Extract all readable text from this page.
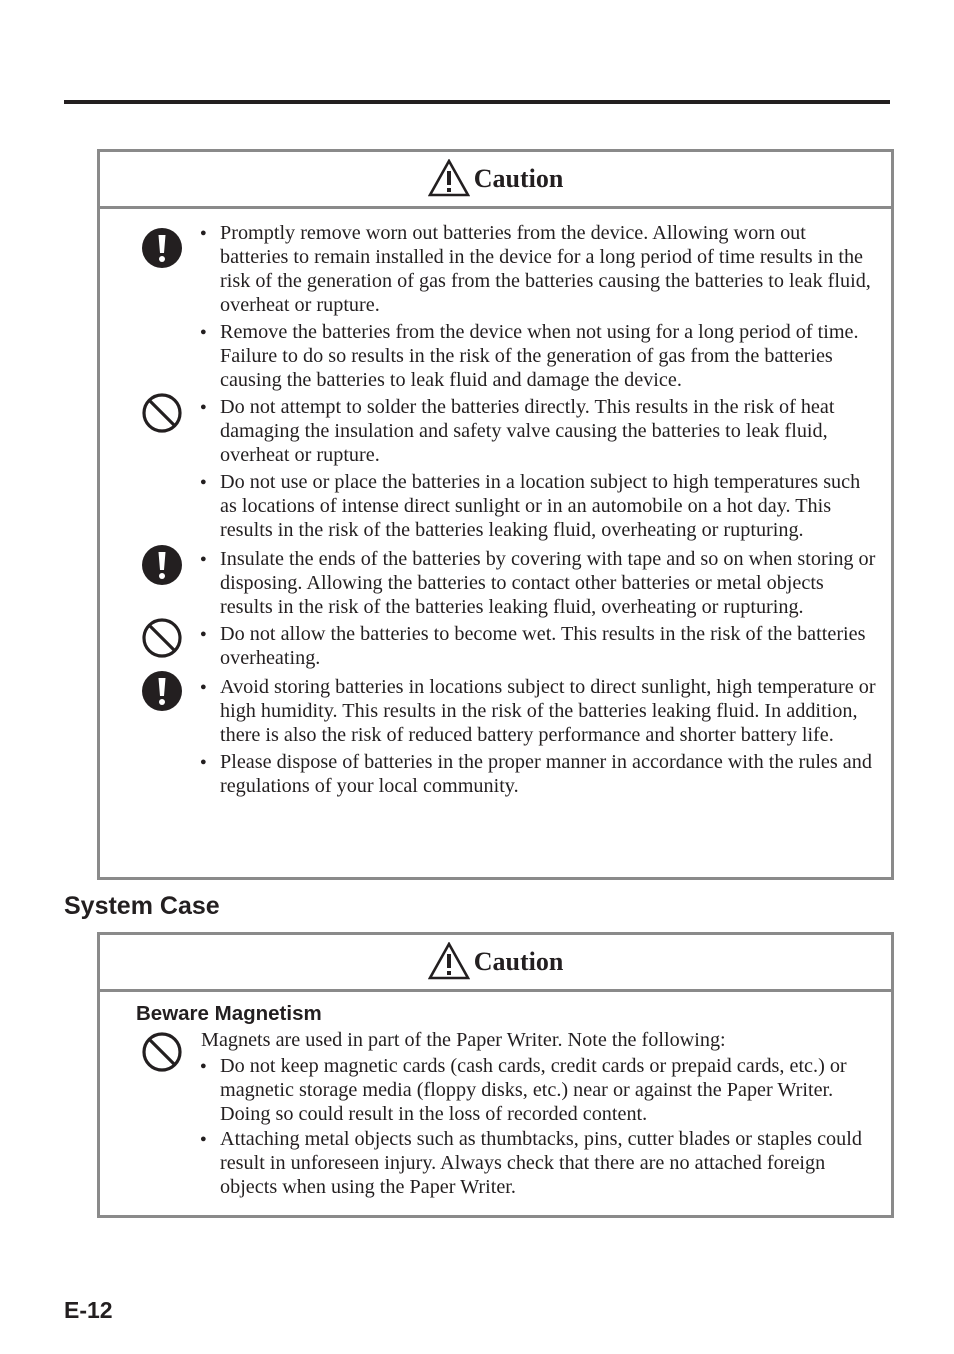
Caution
● Promptly remove worn out batteries from the device. Allowing worn out batteries to remain installed in the device for a long period of time results in the risk of the generation of gas from the batteries causing the batteries to leak fluid, overheat or rupture.
● Remove the batteries from the device when not using for a long period of time. Failure to do so results in the risk of the generation of gas from the batteries causing the batteries to leak fluid and damage the device.
● Do not attempt to solder the batteries directly. This results in the risk of heat damaging the insulation and safety valve causing the batteries to leak fluid, overheat or rupture.
● Do not use or place the batteries in a location subject to high temperatures such as locations of intense direct sunlight or in an automobile on a hot day. This results in the risk of the batteries leaking fluid, overheating or rupturing.
● Insulate the ends of the batteries by covering with tape and so on when storing or disposing. Allowing the batteries to contact other batteries or metal objects results in the risk of the batteries leaking fluid, overheating or rupturing.
● Do not allow the batteries to become wet. This results in the risk of the batteries overheating.
● Avoid storing batteries in locations subject to direct sunlight, high temperature or high humidity. This results in the risk of the batteries leaking fluid. In addition, there is also the risk of reduced battery performance and shorter battery life.
● Please dispose of batteries in the proper manner in accordance with the rules and regulations of your local community.
System Case
Caution
Beware Magnetism
Magnets are used in part of the Paper Writer. Note the following:
● Do not keep magnetic cards (cash cards, credit cards or prepaid cards, etc.) or magnetic storage media (floppy disks, etc.) near or against the Paper Writer. Doing so could result in the loss of recorded content.
● Attaching metal objects such as thumbtacks, pins, cutter blades or staples could result in unforeseen injury. Always check that there are no attached foreign objects when using the Paper Writer.
E-12
